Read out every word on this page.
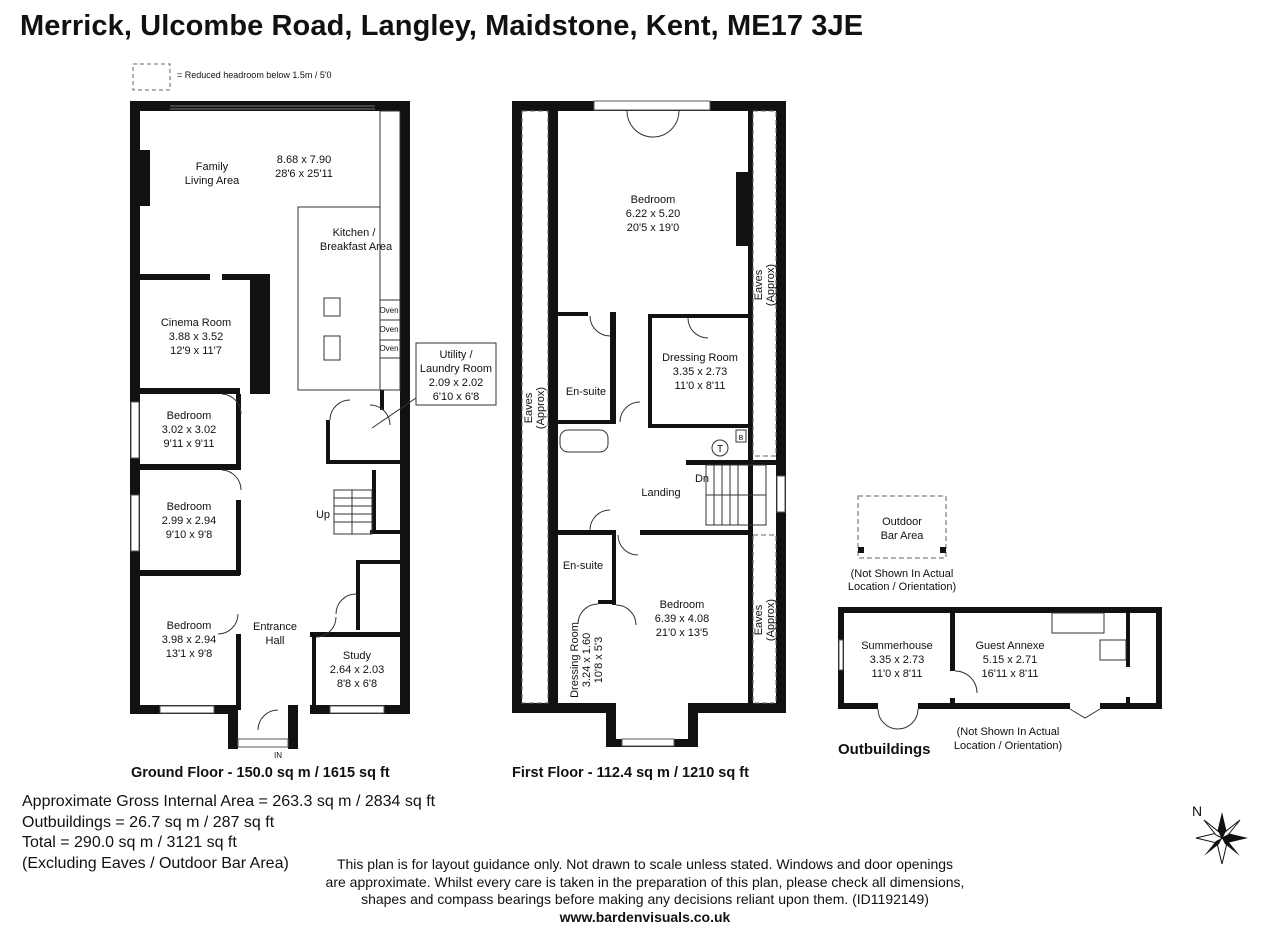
Merrick, Ulcombe Road, Langley, Maidstone, Kent, ME17 3JE
N
Family
Living Area
8.68 x 7.90
28'6 x 25'11
Kitchen /
Breakfast Area
Cinema Room
3.88 x 3.52
12'9 x 11'7
Bedroom
3.02 x 3.02
9'11 x 9'11
Bedroom
2.99 x 2.94
9'10 x 9'8
Bedroom
3.98 x 2.94
13'1 x 9'8
Entrance
Hall
Study
2.64 x 2.03
8'8 x 6'8
Utility /
Laundry Room
2.09 x 2.02
6'10 x 6'8
Up
Oven
Oven
Oven
IN
Bedroom
6.22 x 5.20
20'5 x 19'0
Dressing Room
3.35 x 2.73
11'0 x 8'11
En-suite
En-suite
Landing
Dn
Bedroom
6.39 x 4.08
21'0 x 13'5
T
B
Eaves (Approx)
Eaves (Approx)
Eaves (Approx)
Dressing Room 3.24 x 1.60 10'8 x 5'3
Outdoor
Bar Area
(Not Shown In Actual
Location / Orientation)
Summerhouse
3.35 x 2.73
11'0 x 8'11
Guest Annexe
5.15 x 2.71
16'11 x 8'11
(Not Shown In Actual
Location / Orientation)
= Reduced headroom below 1.5m / 5'0
Ground Floor - 150.0 sq m / 1615 sq ft	First Floor - 112.4 sq m / 1210 sq ft
Outbuildings
Approximate Gross Internal Area = 263.3 sq m / 2834 sq ft
Outbuildings = 26.7 sq m / 287 sq ft
Total = 290.0 sq m / 3121 sq ft
(Excluding Eaves / Outdoor Bar Area)	This plan is for layout guidance only. Not drawn to scale unless stated. Windows and door openings
are approximate. Whilst every care is taken in the preparation of this plan, please check all dimensions,
shapes and compass bearings before making any decisions reliant upon them. (ID1192149)
www.bardenvisuals.co.uk
